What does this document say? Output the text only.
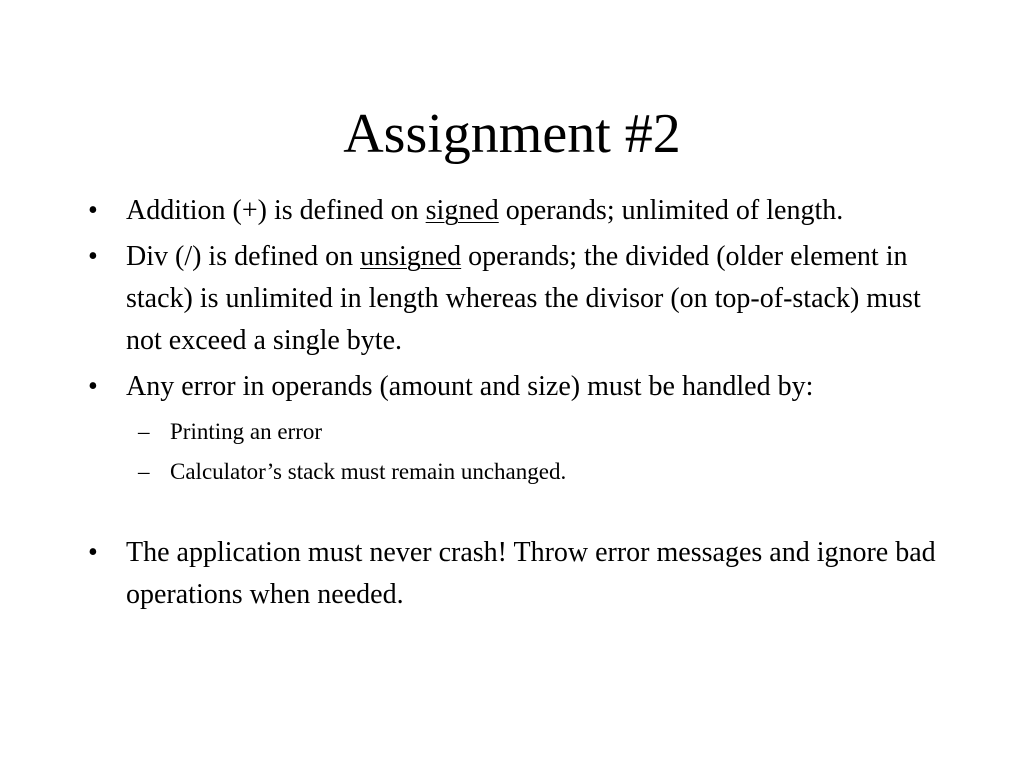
Assignment #2
• Addition (+) is defined on signed operands; unlimited of length.
• Div (/) is defined on unsigned operands; the divided (older element in stack) is unlimited in length whereas the divisor (on top-of-stack) must not exceed a single byte.
• Any error in operands (amount and size) must be handled by:
– Printing an error
– Calculator’s stack must remain unchanged.
• The application must never crash! Throw error messages and ignore bad operations when needed.
